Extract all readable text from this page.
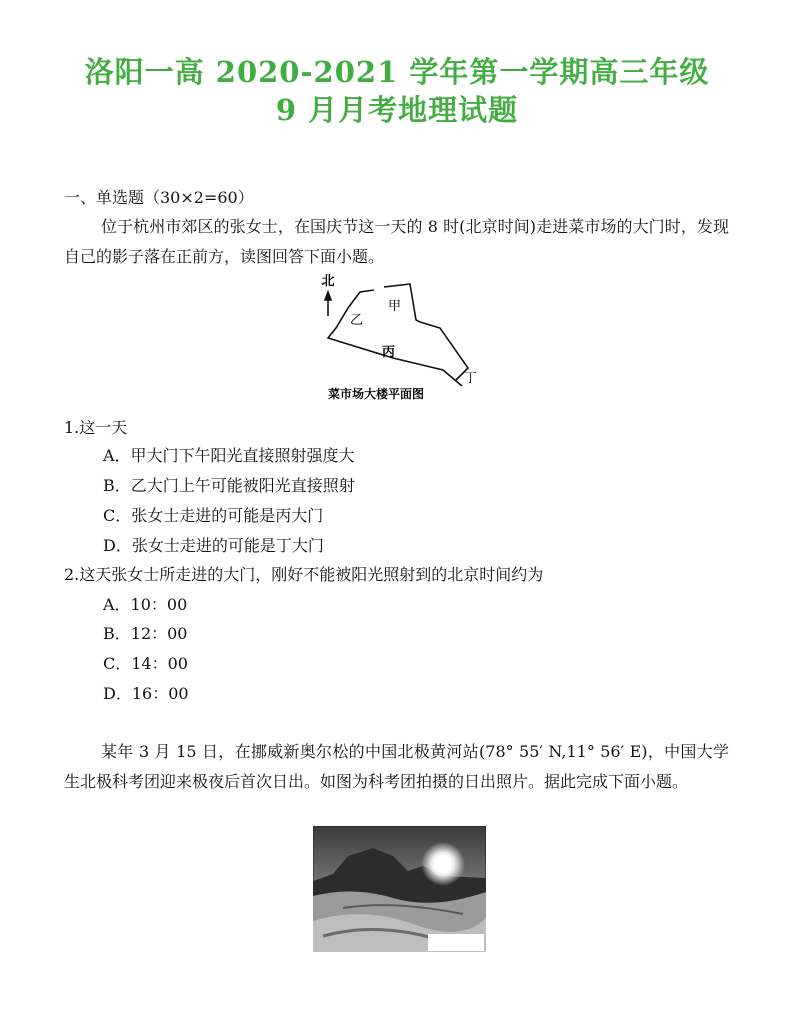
洛阳一高 2020-2021 学年第一学期高三年级
9 月月考地理试题
一、单选题（30×2=60）
位于杭州市郊区的张女士，在国庆节这一天的 8 时(北京时间)走进菜市场的大门时，发现自己的影子落在正前方，读图回答下面小题。
北
甲
乙
丙
丁
菜市场大楼平面图
1.这一天
A．甲大门下午阳光直接照射强度大
B．乙大门上午可能被阳光直接照射
C．张女士走进的可能是丙大门
D．张女士走进的可能是丁大门
2.这天张女士所走进的大门，刚好不能被阳光照射到的北京时间约为
A．10：00
B．12：00
C．14：00
D．16：00
某年 3 月 15 日，在挪威新奥尔松的中国北极黄河站(78° 55′ N,11° 56′ E)，中国大学生北极科考团迎来极夜后首次日出。如图为科考团拍摄的日出照片。据此完成下面小题。
